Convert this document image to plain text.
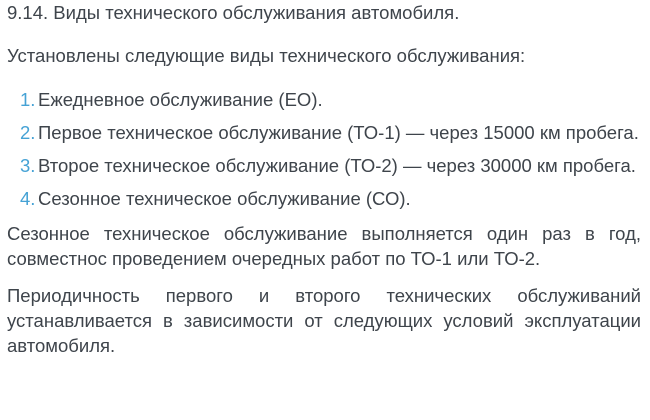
9.14. Виды технического обслуживания автомобиля.

Установлены следующие виды технического обслуживания:

1. Ежедневное обслуживание (ЕО).
2. Первое техническое обслуживание (ТО-1) — через 15000 км пробега.
3. Второе техническое обслуживание (ТО-2) — через 30000 км пробега.
4. Сезонное техническое обслуживание (СО).

Сезонное техническое обслуживание выполняется один раз в год, совместнос проведением очередных работ по ТО-1 или ТО-2.

Периодичность первого и второго технических обслуживаний устанавливается в зависимости от следующих условий эксплуатации автомобиля.
